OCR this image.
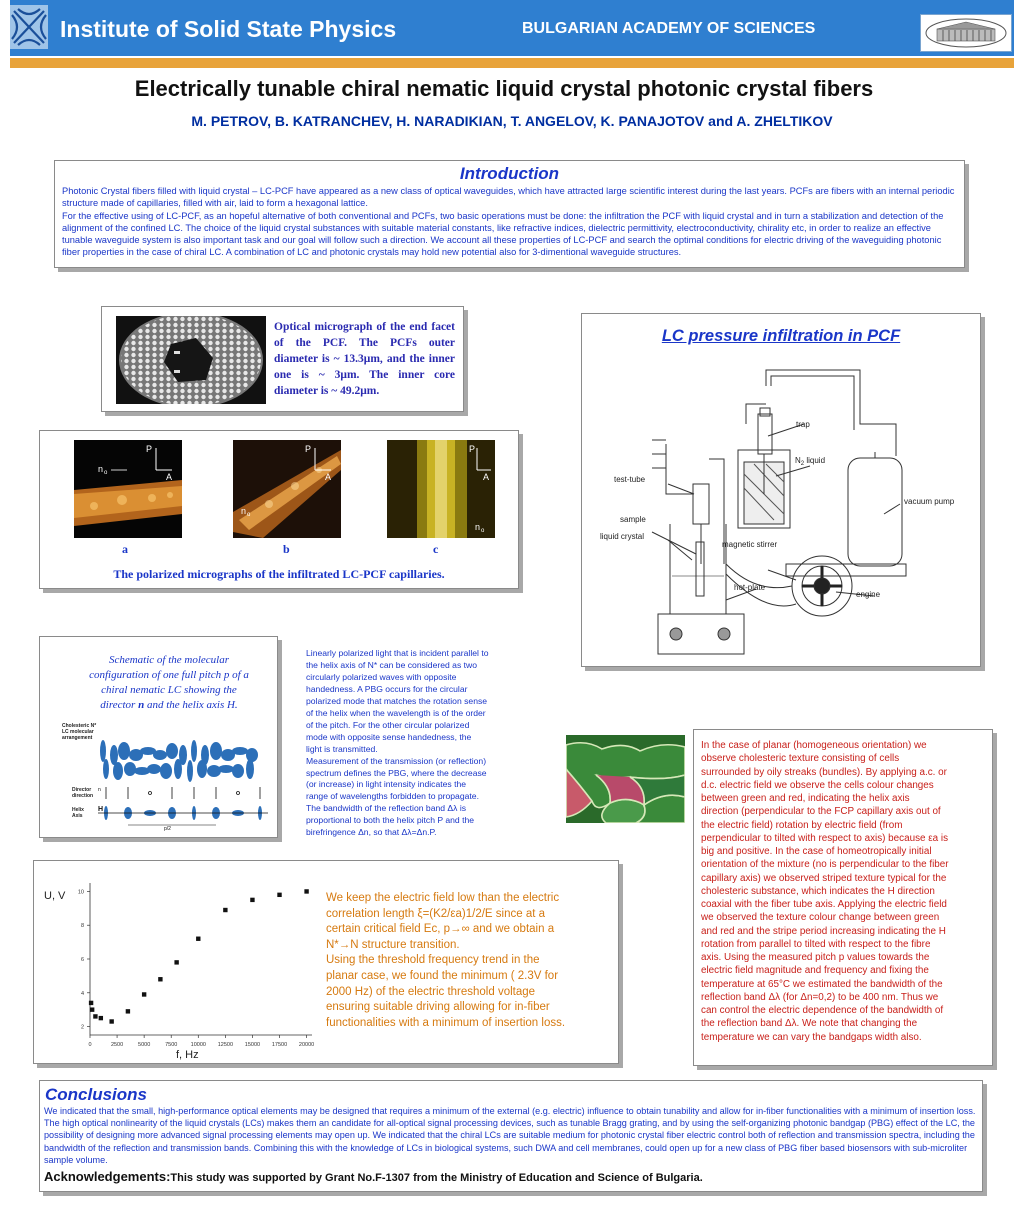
Institute of Solid State Physics	BULGARIAN ACADEMY OF SCIENCES
Electrically tunable chiral nematic liquid crystal photonic crystal fibers
M. PETROV, B. KATRANCHEV, H. NARADIKIAN, T. ANGELOV, K. PANAJOTOV and A. ZHELTIKOV
Introduction
Photonic Crystal fibers filled with liquid crystal – LC-PCF have appeared as a new class of optical waveguides, which have attracted large scientific interest during the last years. PCFs are fibers with an internal periodic structure made of capillaries, filled with air, laid to form a hexagonal lattice.
For the effective using of LC-PCF, as an hopeful alternative of both conventional and PCFs, two basic operations must be done: the infiltration the PCF with liquid crystal and in turn a stabilization and detection of the alignment of the confined LC. The choice of the liquid crystal substances with suitable material constants, like refractive indices, dielectric permittivity, electroconductivity, chirality etc, in order to realize an effective tunable waveguide system is also important task and our goal will follow such a direction. We account all these properties of LC-PCF and search the optimal conditions for electric driving of the waveguiding photonic fiber properties in the case of chiral LC. A combination of LC and photonic crystals may hold new potential also for 3-dimentional waveguide structures.
Optical micrograph of the end facet of the PCF. The PCFs outer diameter is ~ 13.3μm, and the inner one is ~ 3μm. The inner core diameter is ~ 49.2μm.
P
A
n o
P
A
n o
P
A
n o
a	b	c
The polarized micrographs of the infiltrated LC-PCF capillaries.
LC pressure infiltration in PCF
trap
$N_2$ liquid
test-tube
vacuum pump
sample
liquid crystal
magnetic stirrer
hot-plate
engine
Schematic of the molecular configuration of one full pitch p of a chiral nematic LC showing the director n and the helix axis H.
Cholesteric N*
LC molecular
arrangement
Director
direction
Helix
Axis
n
H
p/2
Linearly polarized light that is incident parallel to
the helix axis of N* can be considered as two
circularly polarized waves with opposite
handedness. A PBG occurs for the circular
polarized mode that matches the rotation sense
of the helix when the wavelength is of the order
of the pitch. For the other circular polarized
mode with opposite sense handedness, the
light is transmitted.
Measurement of the transmission (or reflection)
spectrum defines the PBG, where the decrease
(or increase) in light intensity indicates the
range of wavelengths forbidden to propagate.
The bandwidth of the reflection band Δλ is
proportional to both the helix pitch P and the
birefringence Δn, so that Δλ=Δn.P.
In the case of planar (homogeneous orientation) we
observe cholesteric texture consisting of cells
surrounded by oily streaks (bundles). By applying a.c. or
d.c. electric field we observe the cells colour changes
between green and red, indicating the helix axis
direction (perpendicular to the FCP capillary axis out of
the electric field) rotation by electric field (from
perpendicular to tilted with respect to axis) because εa is
big and positive. In the case of homeotropically initial
orientation of the mixture (no is perpendicular to the fiber
capillary axis) we observed striped texture typical for the
cholesteric substance, which indicates the H direction
coaxial with the fiber tube axis. Applying the electric field
we observed the texture colour change between green
and red and the stripe period increasing indicating the H
rotation from parallel to tilted with respect to the fibre
axis. Using the measured pitch p values towards the
electric field magnitude and frequency and fixing the
temperature at 65°C we estimated the bandwidth of the
reflection band Δλ (for Δn=0,2) to be 400 nm. Thus we
can control the electric dependence of the bandwidth of
the reflection band Δλ. We note that changing the
temperature we can vary the bandgaps width also.
0	2500	5000	7500 10000 12500 15000 17500 20000
2
4
6
8
10
U, V
f, Hz
We keep the electric field low than the electric
correlation length ξ=(K2/εa)1/2/E since at a
certain critical field Ec, p→∞ and we obtain a
N*→N structure transition.
Using the threshold frequency trend in the
planar case, we found the minimum ( 2.3V for
2000 Hz) of the electric threshold voltage
ensuring suitable driving allowing for in-fiber
functionalities with a minimum of insertion loss.
Conclusions
We indicated that the small, high-performance optical elements may be designed that requires a minimum of the external (e.g. electric) influence to obtain tunability and allow for in-fiber functionalities with a minimum of insertion loss. The high optical nonlinearity of the liquid crystals (LCs) makes them an candidate for all-optical signal processing devices, such as tunable Bragg grating, and by using the self-organizing photonic bandgap (PBG) effect of the LC, the possibility of designing more advanced signal processing elements may open up. We indicated that the chiral LCs are suitable medium for photonic crystal fiber electric control both of reflection and transmission spectra, including the bandwidth of the reflection and transmission bands. Combining this with the knowledge of LCs in biological systems, such DWA and cell membranes, could open up for a new class of PBG fiber based biosensors with sub-microliter sample volume.
Acknowledgements:This study was supported by Grant No.F-1307 from the Ministry of Education and Science of Bulgaria.
